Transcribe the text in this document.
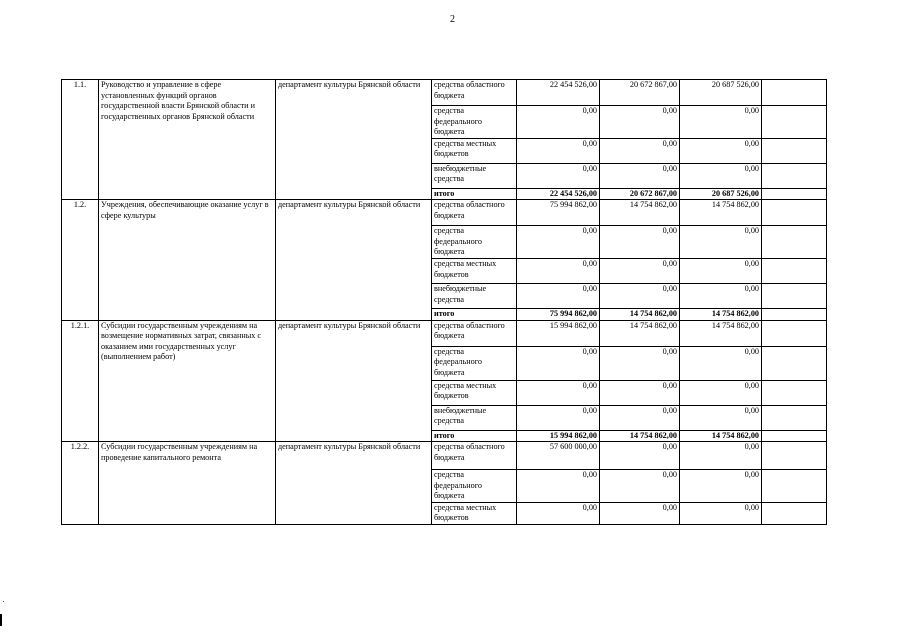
2
1.1.	Руководство и управление в сфере установленных функций органов государственной власти Брянской области и государственных органов Брянской области	департамент культуры Брянской области	средства областного бюджета	22 454 526,00	20 672 867,00	20 687 526,00	
			средства федерального бюджета	0,00	0,00	0,00	
			средства местных бюджетов	0,00	0,00	0,00	
			внебюджетные средства	0,00	0,00	0,00	
			итого	22 454 526,00	20 672 867,00	20 687 526,00	
1.2.	Учреждения, обеспечивающие оказание услуг в сфере культуры	департамент культуры Брянской области	средства областного бюджета	75 994 862,00	14 754 862,00	14 754 862,00	
			средства федерального бюджета	0,00	0,00	0,00	
			средства местных бюджетов	0,00	0,00	0,00	
			внебюджетные средства	0,00	0,00	0,00	
			итого	75 994 862,00	14 754 862,00	14 754 862,00	
1.2.1.	Субсидии государственным учреждениям на возмещение нормативных затрат, связанных с оказанием ими государственных услуг (выполнением работ)	департамент культуры Брянской области	средства областного бюджета	15 994 862,00	14 754 862,00	14 754 862,00	
			средства федерального бюджета	0,00	0,00	0,00	
			средства местных бюджетов	0,00	0,00	0,00	
			внебюджетные средства	0,00	0,00	0,00	
			итого	15 994 862,00	14 754 862,00	14 754 862,00	
1.2.2.	Субсидии государственным учреждениям на проведение капитального ремонта	департамент культуры Брянской области	средства областного бюджета	57 600 000,00	0,00	0,00	
			средства федерального бюджета	0,00	0,00	0,00	
			средства местных бюджетов	0,00	0,00	0,00	
